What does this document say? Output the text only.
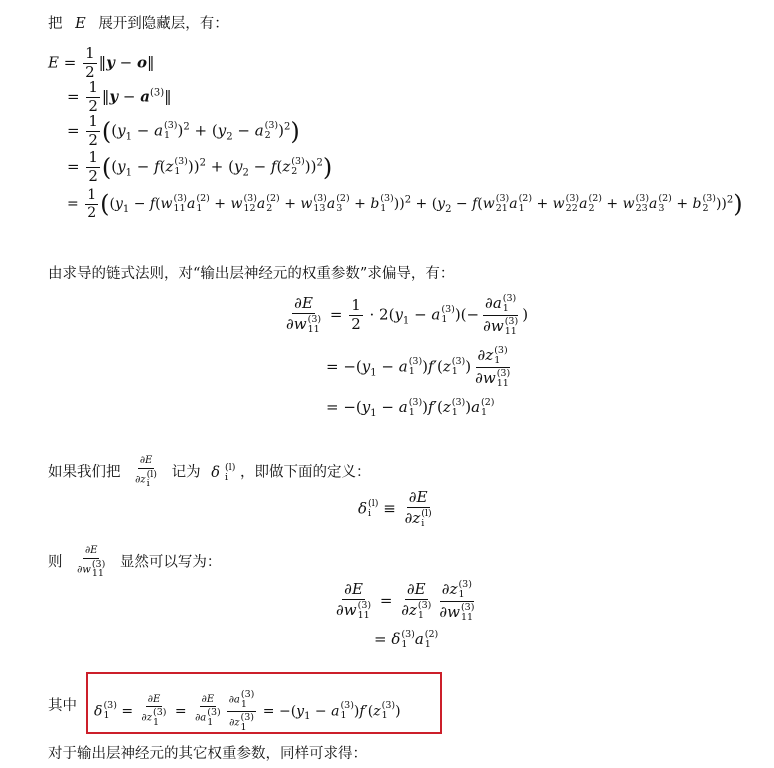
把 E 展开到隐藏层，有：
$E = \frac{1}{2}$ ‖y − o‖
= $\frac{1}{2}$ ‖y − $a^{(3)}‖$
= $\frac{1}{2} ((y_1 - a$ (3)
1 )$^2 + (y_2 - a$ (3)
2 )$^2$)
= $\frac{1}{2} ((y_1 - f(z$ (3)
1 ))$^2 + (y_2 - f(z$ (3)
2 ))$^2$)
= $\frac{1}{2} ((y_1 - f(w$ (3)
11 a (2)
1 + w (3)
12 a (2)
2 + w (3)
13 a (2)
3 + b (3)
1 ))$^2 + (y_2 - f(w$ (3)
21 a (2)
1 + w (3)
22 a (2)
2 + w (3)
23 a (2)
3 + b (3)
2 ))$^2$)
由求导的链式法则，对“输出层神经元的权重参数”求偏导，有：
∂E
∂w (3)
$11 = \frac{1}{2} \cdot 2(y_1 - a$ (3)
1 )(− ∂a (3)
1
∂w (3)
11 )
= $-(y_1 - a$ (3)
1 )f′(z (3)
1 ) ∂z (3)
1
∂w (3)
11
= $-(y_1 - a$ (3)
1 )f′(z (3)
1 )a (2)
1
如果我们把 ∂E
∂z (l)
i 记为 δ (l)
i ，即做下面的定义：
δ (l)
i ≡ ∂E
∂z (l)
i
则 ∂E
∂w (3)
11 显然可以写为：
∂E
∂w (3)
11 = ∂E
∂z (3)
1 ∂z (3)
1
∂w (3)
11
= δ (3)
1 a (2)
1
其中 δ (3)
1 = ∂E
∂z (3)
1 = ∂E
∂a (3)
1 ∂a (3)
1
∂z (3)
$1 = -(y_1 - a$ (3)
1 )f′(z (3)
1 )
对于输出层神经元的其它权重参数，同样可求得：
